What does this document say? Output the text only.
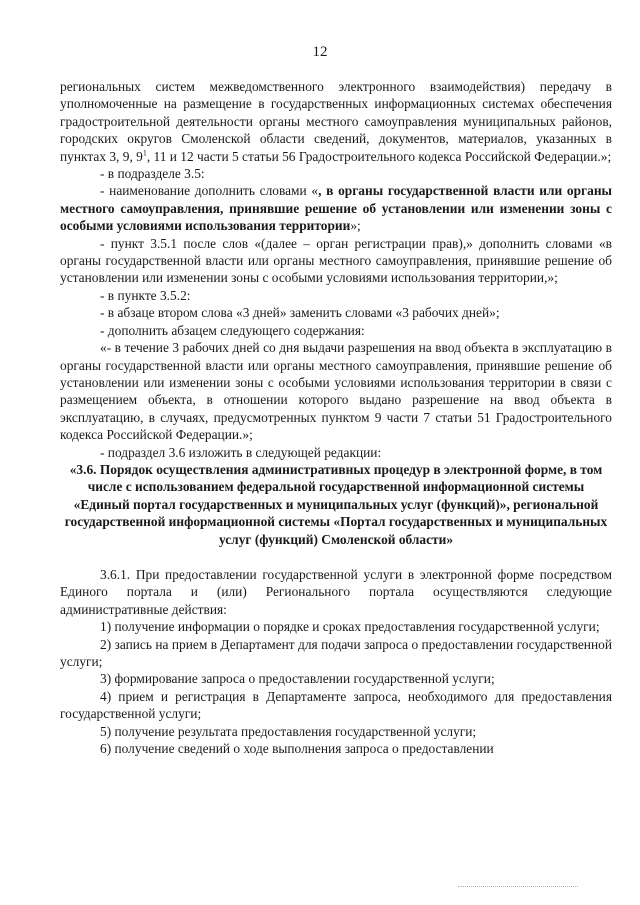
12

региональных систем межведомственного электронного взаимодействия) передачу в уполномоченные на размещение в государственных информационных системах обеспечения градостроительной деятельности органы местного самоуправления муниципальных районов, городских округов Смоленской области сведений, документов, материалов, указанных в пунктах 3, 9, $9^1$, 11 и 12 части 5 статьи 56 Градостроительного кодекса Российской Федерации.»;

- в подразделе 3.5:

- наименование дополнить словами «, в органы государственной власти или органы местного самоуправления, принявшие решение об установлении или изменении зоны с особыми условиями использования территории»;

- пункт 3.5.1 после слов «(далее – орган регистрации прав),» дополнить словами «в органы государственной власти или органы местного самоуправления, принявшие решение об установлении или изменении зоны с особыми условиями использования территории,»;

- в пункте 3.5.2:

- в абзаце втором слова «3 дней» заменить словами «3 рабочих дней»;

- дополнить абзацем следующего содержания:

«- в течение 3 рабочих дней со дня выдачи разрешения на ввод объекта в эксплуатацию в органы государственной власти или органы местного самоуправления, принявшие решение об установлении или изменении зоны с особыми условиями использования территории в связи с размещением объекта, в отношении которого выдано разрешение на ввод объекта в эксплуатацию, в случаях, предусмотренных пунктом 9 части 7 статьи 51 Градостроительного кодекса Российской Федерации.»;

- подраздел 3.6 изложить в следующей редакции:

«3.6. Порядок осуществления административных процедур в электронной форме, в том числе с использованием федеральной государственной информационной системы «Единый портал государственных и муниципальных услуг (функций)», региональной государственной информационной системы «Портал государственных и муниципальных услуг (функций) Смоленской области»

3.6.1. При предоставлении государственной услуги в электронной форме посредством Единого портала и (или) Регионального портала осуществляются следующие административные действия:

1) получение информации о порядке и сроках предоставления государственной услуги;

2) запись на прием в Департамент для подачи запроса о предоставлении государственной услуги;

3) формирование запроса о предоставлении государственной услуги;

4) прием и регистрация в Департаменте запроса, необходимого для предоставления государственной услуги;

5) получение результата предоставления государственной услуги;

6) получение сведений о ходе выполнения запроса о предоставлении
